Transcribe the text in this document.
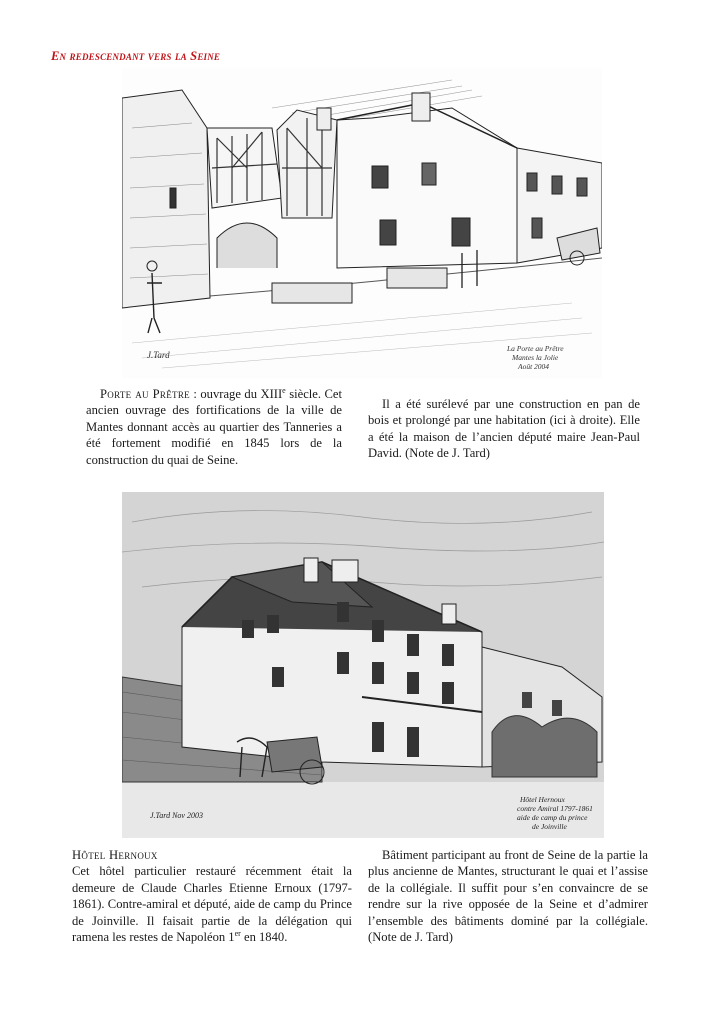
En redescendant vers la Seine
J.Tard
La Porte au Prêtre
Mantes la Jolie
Août 2004
Porte au Prêtre : ouvrage du XIIIe siècle. Cet ancien ouvrage des fortifications de la ville de Mantes donnant accès au quartier des Tanneries a été fortement modifié en 1845 lors de la construction du quai de Seine.
Il a été surélevé par une construction en pan de bois et prolongé par une habitation (ici à droite). Elle a été la maison de l’ancien député maire Jean-Paul David. (Note de J. Tard)
J.Tard Nov 2003
Hôtel Hernoux
contre Amiral 1797-1861
aide de camp du prince
de Joinville
Hôtel Hernoux
Cet hôtel particulier restauré récemment était la demeure de Claude Charles Etienne Ernoux (1797-1861). Contre-amiral et député, aide de camp du Prince de Joinville. Il faisait partie de la délégation qui ramena les restes de Napoléon 1er en 1840.
Bâtiment participant au front de Seine de la partie la plus ancienne de Mantes, structurant le quai et l’assise de la collégiale. Il suffit pour s’en convaincre de se rendre sur la rive opposée de la Seine et d’admirer l’ensemble des bâtiments dominé par la collégiale. (Note de J. Tard)
